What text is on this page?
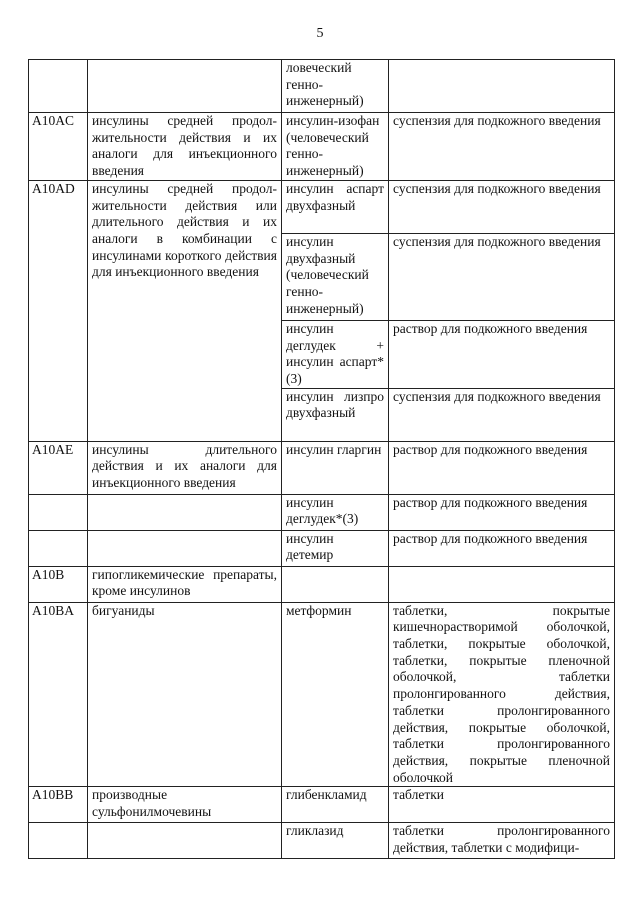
5
		ловеческий генно-инженерный)	
A10AC	инсулины средней продол-жительности действия и их аналоги для инъекционного введения	инсулин-изофан (человеческий генно-инженерный)	суспензия для подкожного введения
A10AD	инсулины средней продол-жительности действия или длительного действия и их аналоги в комбинации с инсулинами короткого действия для инъекционного введения	инсулин аспарт двухфазный	суспензия для подкожного введения
		инсулин двухфазный (человеческий генно-инженерный)	суспензия для подкожного введения
		инсулин деглудек + инсулин аспарт*(3)	раствор для подкожного введения
		инсулин лизпро двухфазный	суспензия для подкожного введения
A10AE	инсулины длительного действия и их аналоги для инъекционного введения	инсулин гларгин	раствор для подкожного введения
		инсулин деглудек*(3)	раствор для подкожного введения
		инсулин детемир	раствор для подкожного введения
A10B	гипогликемические препараты, кроме инсулинов		
A10BA	бигуаниды	метформин	таблетки, покрытые кишечнорастворимой оболочкой, таблетки, покрытые оболочкой, таблетки, покрытые пленочной оболочкой, таблетки пролонгированного действия, таблетки пролонгированного действия, покрытые оболочкой, таблетки пролонгированного действия, покрытые пленочной оболочкой
A10BB	производные сульфонилмочевины	глибенкламид	таблетки
		гликлазид	таблетки пролонгированного действия, таблетки с модифици-
